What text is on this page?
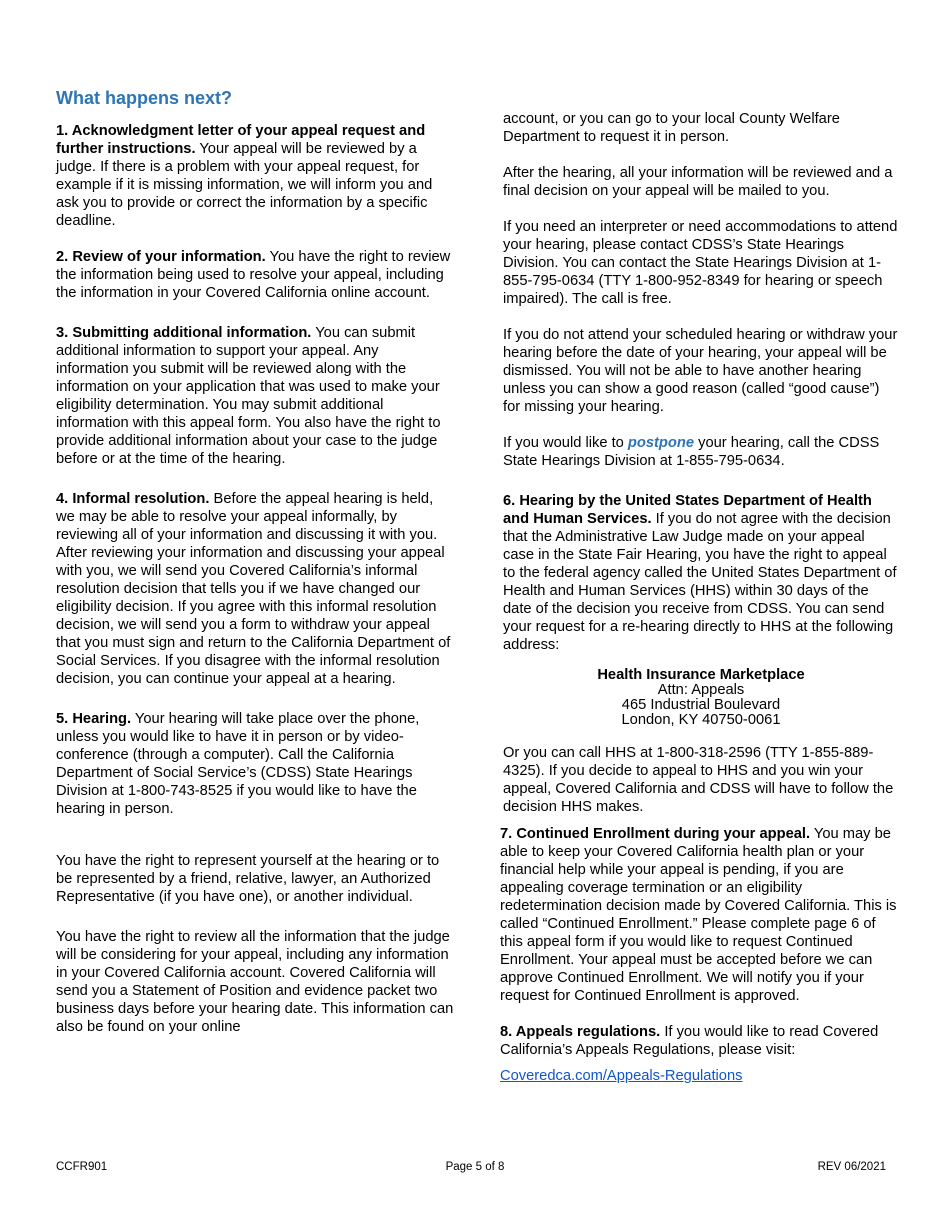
What happens next?

1. Acknowledgment letter of your appeal request and further instructions. Your appeal will be reviewed by a judge. If there is a problem with your appeal request, for example if it is missing information, we will inform you and ask you to provide or correct the information by a specific deadline.

2. Review of your information. You have the right to review the information being used to resolve your appeal, including the information in your Covered California online account.

3. Submitting additional information. You can submit additional information to support your appeal. Any information you submit will be reviewed along with the information on your application that was used to make your eligibility determination. You may submit additional information with this appeal form. You also have the right to provide additional information about your case to the judge before or at the time of the hearing.

4. Informal resolution. Before the appeal hearing is held, we may be able to resolve your appeal informally, by reviewing all of your information and discussing it with you. After reviewing your information and discussing your appeal with you, we will send you Covered California’s informal resolution decision that tells you if we have changed our eligibility decision. If you agree with this informal resolution decision, we will send you a form to withdraw your appeal that you must sign and return to the California Department of Social Services. If you disagree with the informal resolution decision, you can continue your appeal at a hearing.

5. Hearing. Your hearing will take place over the phone, unless you would like to have it in person or by video-conference (through a computer). Call the California Department of Social Service’s (CDSS) State Hearings Division at 1-800-743-8525 if you would like to have the hearing in person.

You have the right to represent yourself at the hearing or to be represented by a friend, relative, lawyer, an Authorized Representative (if you have one), or another individual.

You have the right to review all the information that the judge will be considering for your appeal, including any information in your Covered California account. Covered California will send you a Statement of Position and evidence packet two business days before your hearing date. This information can also be found on your online

account, or you can go to your local County Welfare Department to request it in person.

After the hearing, all your information will be reviewed and a final decision on your appeal will be mailed to you.

If you need an interpreter or need accommodations to attend your hearing, please contact CDSS’s State Hearings Division. You can contact the State Hearings Division at 1-855-795-0634 (TTY 1-800-952-8349 for hearing or speech impaired). The call is free.

If you do not attend your scheduled hearing or withdraw your hearing before the date of your hearing, your appeal will be dismissed. You will not be able to have another hearing unless you can show a good reason (called “good cause”) for missing your hearing.

If you would like to postpone your hearing, call the CDSS State Hearings Division at 1-855-795-0634.

6. Hearing by the United States Department of Health and Human Services. If you do not agree with the decision that the Administrative Law Judge made on your appeal case in the State Fair Hearing, you have the right to appeal to the federal agency called the United States Department of Health and Human Services (HHS) within 30 days of the date of the decision you receive from CDSS. You can send your request for a re-hearing directly to HHS at the following address:

Health Insurance Marketplace
Attn: Appeals
465 Industrial Boulevard
London, KY 40750-0061

Or you can call HHS at 1-800-318-2596 (TTY 1-855-889-4325). If you decide to appeal to HHS and you win your appeal, Covered California and CDSS will have to follow the decision HHS makes.

7. Continued Enrollment during your appeal. You may be able to keep your Covered California health plan or your financial help while your appeal is pending, if you are appealing coverage termination or an eligibility redetermination decision made by Covered California. This is called “Continued Enrollment.” Please complete page 6 of this appeal form if you would like to request Continued Enrollment. Your appeal must be accepted before we can approve Continued Enrollment. We will notify you if your request for Continued Enrollment is approved.

8. Appeals regulations. If you would like to read Covered California’s Appeals Regulations, please visit:

Coveredca.com/Appeals-Regulations
CCFR901	Page 5 of 8	REV 06/2021
